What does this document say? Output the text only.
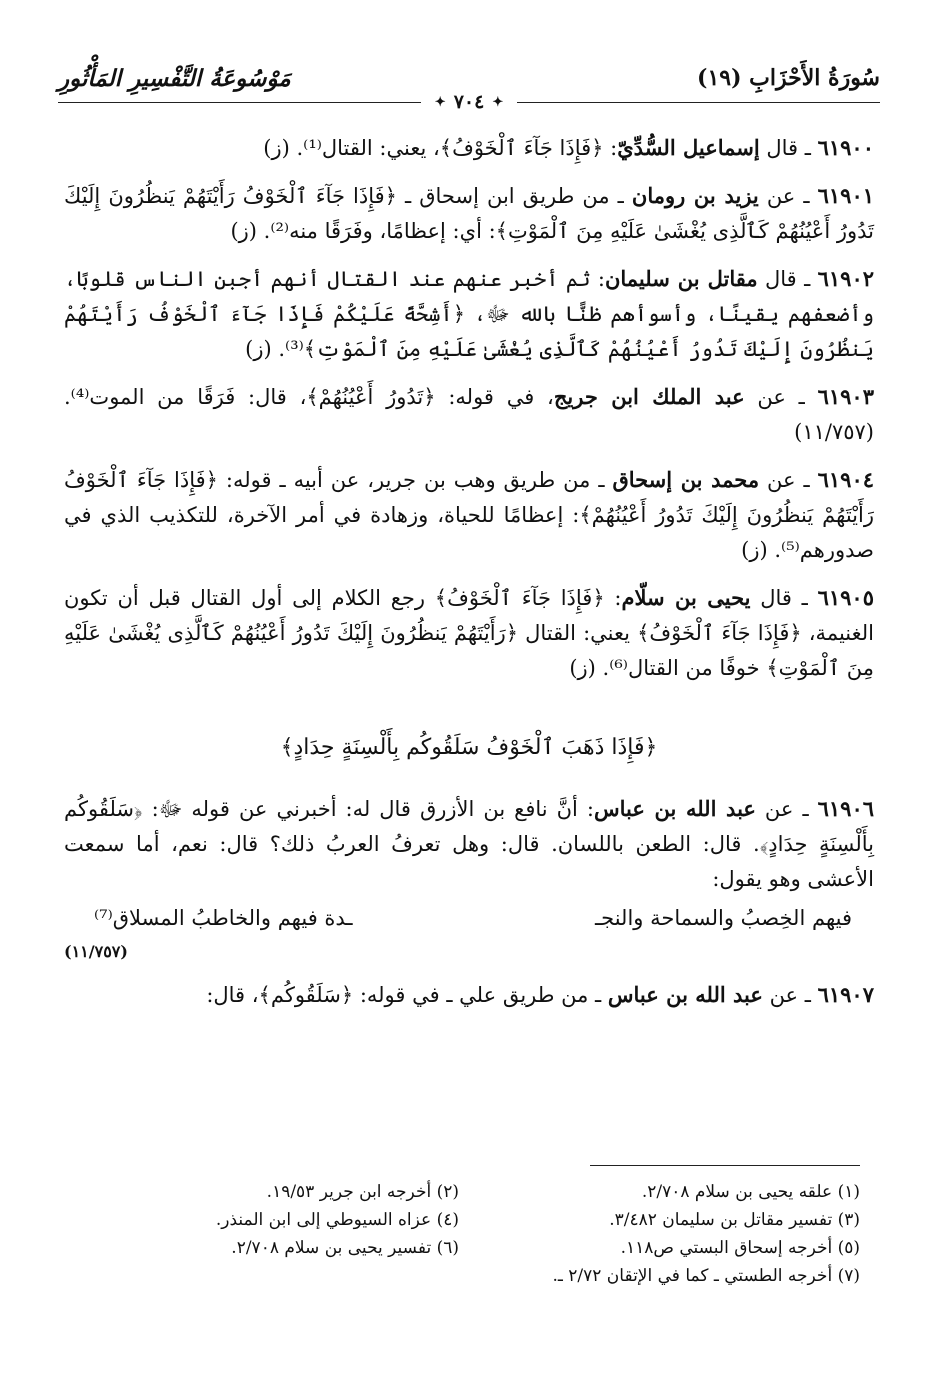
سُورَةُ الأَحْزَابِ (١٩)
مَوْسُوعَةُ التَّفْسِيرِ المَأْثُورِ
✦
٧٠٤
✦

٦١٩٠٠ ـ قال إسماعيل السُّدِّيّ: ﴿فَإِذَا جَآءَ ٱلْخَوْفُ﴾، يعني: القتال⁽¹⁾. (ز)

٦١٩٠١ ـ عن يزيد بن رومان ـ من طريق ابن إسحاق ـ ﴿فَإِذَا جَآءَ ٱلْخَوْفُ رَأَيْتَهُمْ يَنظُرُونَ إِلَيْكَ تَدُورُ أَعْيُنُهُمْ كَٱلَّذِى يُغْشَىٰ عَلَيْهِ مِنَ ٱلْمَوْتِ﴾: أي: إعظامًا، وفَرَقًا منه⁽²⁾. (ز)

٦١٩٠٢ ـ قال مقاتل بن سليمان: ثم أخبر عنهم عند القتال أنهم أجبن الناس قلوبًا، وأضعفهم يقينًا، وأسوأهم ظنًّا بالله ﷻ، ﴿أَشِحَّةً عَلَيْكُمْ فَإِذَا جَآءَ ٱلْخَوْفُ رَأَيْتَهُمْ يَنظُرُونَ إِلَيْكَ تَدُورُ أَعْيُنُهُمْ كَٱلَّذِى يُغْشَىٰ عَلَيْهِ مِنَ ٱلْمَوْتِ﴾⁽³⁾. (ز)

٦١٩٠٣ ـ عن عبد الملك ابن جريج، في قوله: ﴿تَدُورُ أَعْيُنُهُمْ﴾، قال: فَرَقًا من الموت⁽⁴⁾. (١١/٧٥٧)

٦١٩٠٤ ـ عن محمد بن إسحاق ـ من طريق وهب بن جرير، عن أبيه ـ قوله: ﴿فَإِذَا جَآءَ ٱلْخَوْفُ رَأَيْتَهُمْ يَنظُرُونَ إِلَيْكَ تَدُورُ أَعْيُنُهُمْ﴾: إعظامًا للحياة، وزهادة في أمر الآخرة، للتكذيب الذي في صدورهم⁽⁵⁾. (ز)

٦١٩٠٥ ـ قال يحيى بن سلّام: ﴿فَإِذَا جَآءَ ٱلْخَوْفُ﴾ رجع الكلام إلى أول القتال قبل أن تكون الغنيمة، ﴿فَإِذَا جَآءَ ٱلْخَوْفُ﴾ يعني: القتال ﴿رَأَيْتَهُمْ يَنظُرُونَ إِلَيْكَ تَدُورُ أَعْيُنُهُمْ كَٱلَّذِى يُغْشَىٰ عَلَيْهِ مِنَ ٱلْمَوْتِ﴾ خوفًا من القتال⁽⁶⁾. (ز)

﴿فَإِذَا ذَهَبَ ٱلْخَوْفُ سَلَقُوكُم بِأَلْسِنَةٍ حِدَادٍ﴾

٦١٩٠٦ ـ عن عبد الله بن عباس: أنَّ نافع بن الأزرق قال له: أخبرني عن قوله ﷻ: ﴿سَلَقُوكُم بِأَلْسِنَةٍ حِدَادٍ﴾. قال: الطعن باللسان. قال: وهل تعرفُ العربُ ذلك؟ قال: نعم، أما سمعت الأعشى وهو يقول:

فيهم الخِصبُ والسماحة والنجـ
ـدة فيهم والخاطبُ المسلاق⁽⁷⁾
(١١/٧٥٧)

٦١٩٠٧ ـ عن عبد الله بن عباس ـ من طريق علي ـ في قوله: ﴿سَلَقُوكُم﴾، قال:

(١) علقه يحيى بن سلام ٢/٧٠٨.
(٢) أخرجه ابن جرير ١٩/٥٣.
(٣) تفسير مقاتل بن سليمان ٣/٤٨٢.
(٤) عزاه السيوطي إلى ابن المنذر.
(٥) أخرجه إسحاق البستي ص١١٨.
(٦) تفسير يحيى بن سلام ٢/٧٠٨.
(٧) أخرجه الطستي ـ كما في الإتقان ٢/٧٢ ـ.
